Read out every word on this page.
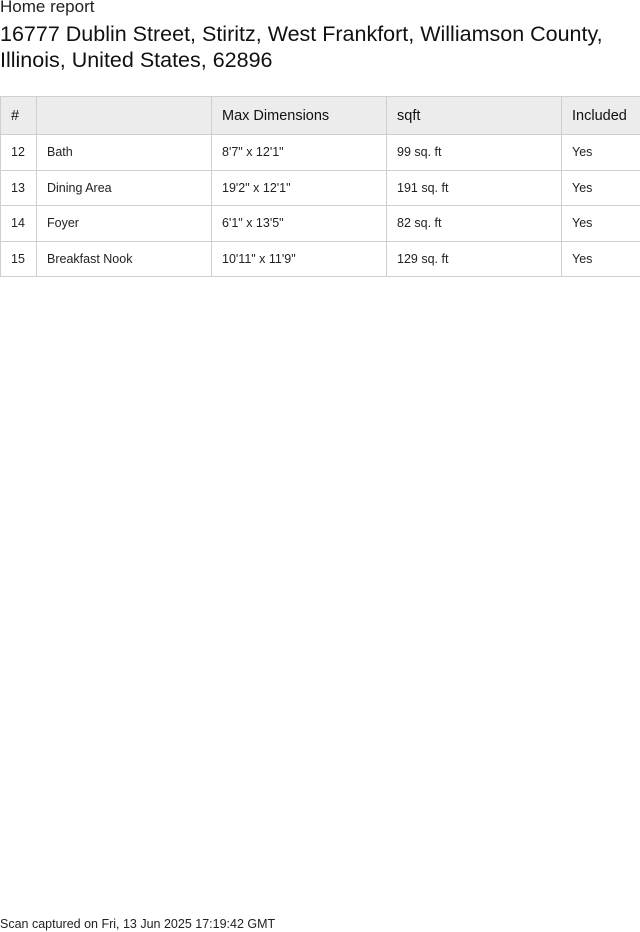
Home report
16777 Dublin Street, Stiritz, West Frankfort, Williamson County, Illinois, United States, 62896
#		Max Dimensions	sqft	Included
12	Bath	8'7" x 12'1"	99 sq. ft	Yes
13	Dining Area	19'2" x 12'1"	191 sq. ft	Yes
14	Foyer	6'1" x 13'5"	82 sq. ft	Yes
15	Breakfast Nook	10'11" x 11'9"	129 sq. ft	Yes
Scan captured on Fri, 13 Jun 2025 17:19:42 GMT
